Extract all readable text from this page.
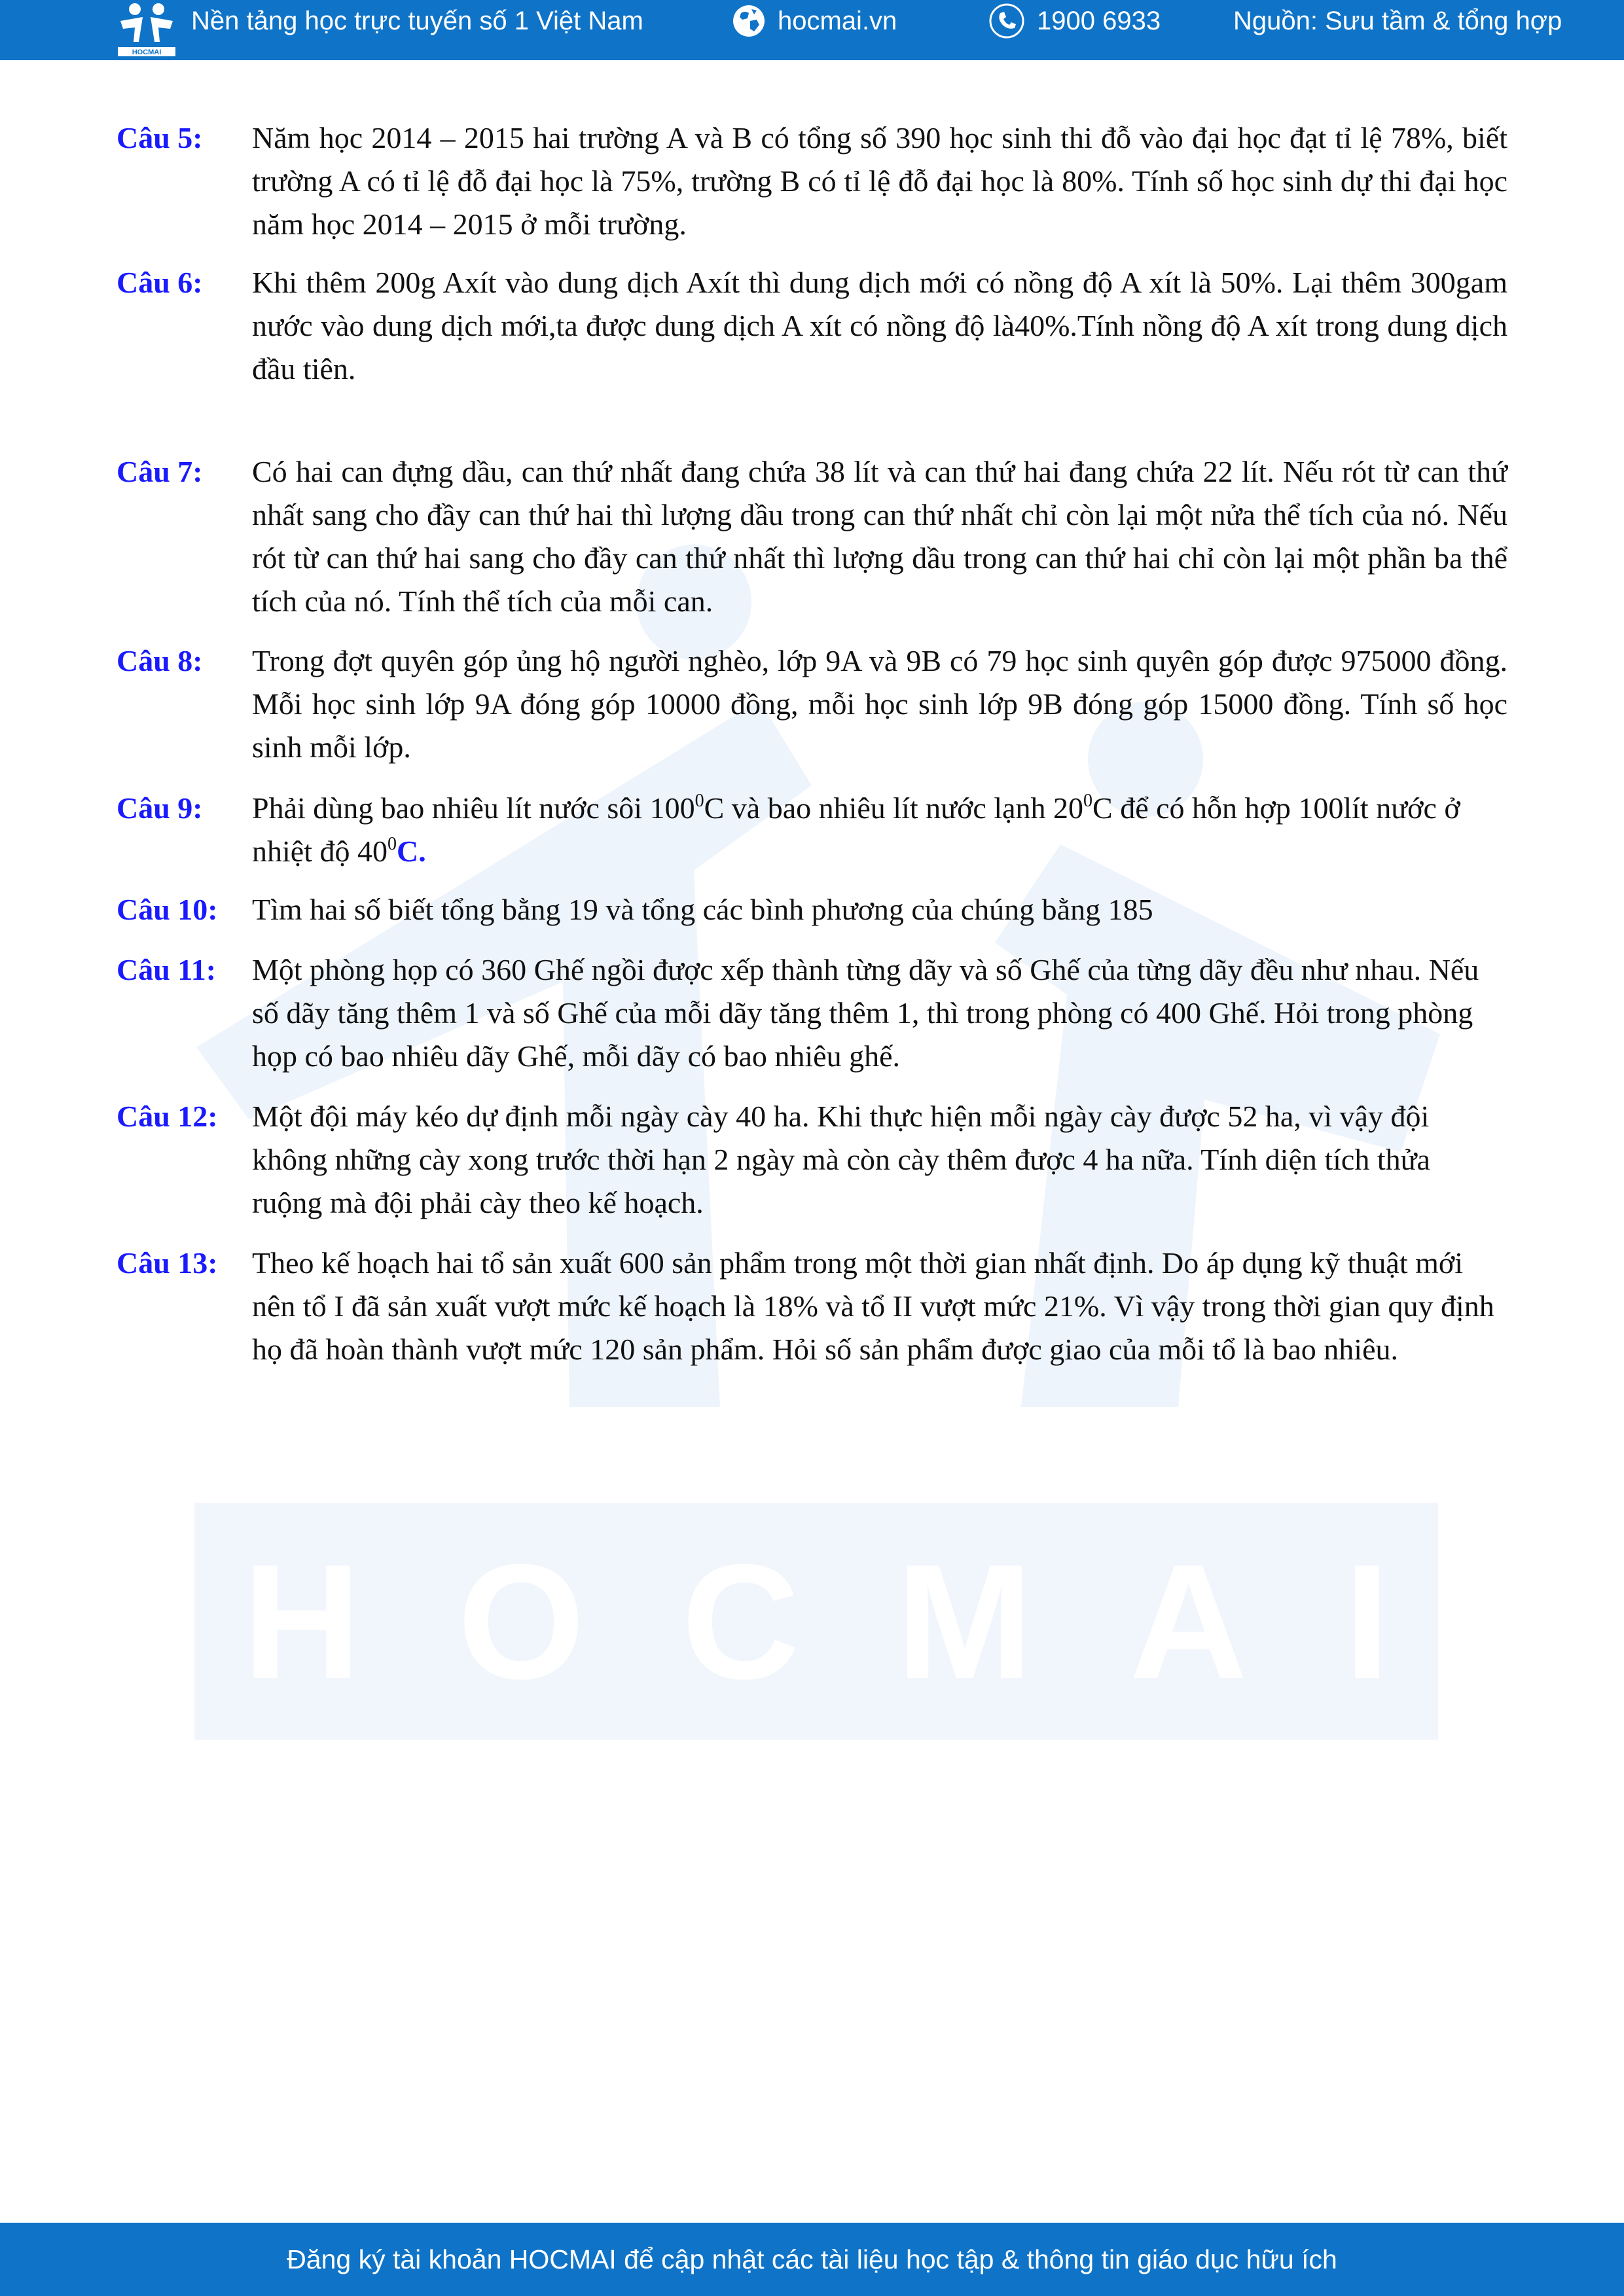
HOCMAI
Nền tảng học trực tuyến số 1 Việt Nam	hocmai.vn	1900 6933	Nguồn: Sưu tầm & tổng hợp
H O C M A I
Câu 5: Năm học 2014 – 2015 hai trường A và B có tổng số 390 học sinh thi đỗ vào đại học đạt tỉ lệ 78%, biết trường A có tỉ lệ đỗ đại học là 75%, trường B có tỉ lệ đỗ đại học là 80%. Tính số học sinh dự thi đại học năm học 2014 – 2015 ở mỗi trường.
Câu 6: Khi thêm 200g Axít vào dung dịch Axít thì dung dịch mới có nồng độ A xít là 50%. Lại thêm 300gam nước vào dung dịch mới,ta được dung dịch A xít có nồng độ là40%.Tính nồng độ A xít trong dung dịch đầu tiên.
Câu 7: Có hai can đựng dầu, can thứ nhất đang chứa 38 lít và can thứ hai đang chứa 22 lít. Nếu rót từ can thứ nhất sang cho đầy can thứ hai thì lượng dầu trong can thứ nhất chỉ còn lại một nửa thể tích của nó. Nếu rót từ can thứ hai sang cho đầy can thứ nhất thì lượng dầu trong can thứ hai chỉ còn lại một phần ba thể tích của nó. Tính thể tích của mỗi can.
Câu 8: Trong đợt quyên góp ủng hộ người nghèo, lớp 9A và 9B có 79 học sinh quyên góp được 975000 đồng. Mỗi học sinh lớp 9A đóng góp 10000 đồng, mỗi học sinh lớp 9B đóng góp 15000 đồng. Tính số học sinh mỗi lớp.
Câu 9: Phải dùng bao nhiêu lít nước sôi $100^0C$ và bao nhiêu lít nước lạnh $20^0C$ để có hỗn hợp 100lít nước ở nhiệt độ $40^0C$.
Câu 10: Tìm hai số biết tổng bằng 19 và tổng các bình phương của chúng bằng 185
Câu 11: Một phòng họp có 360 Ghế ngồi được xếp thành từng dãy và số Ghế của từng dãy đều như nhau. Nếu số dãy tăng thêm 1 và số Ghế của mỗi dãy tăng thêm 1, thì trong phòng có 400 Ghế. Hỏi trong phòng họp có bao nhiêu dãy Ghế, mỗi dãy có bao nhiêu ghế.
Câu 12: Một đội máy kéo dự định mỗi ngày cày 40 ha. Khi thực hiện mỗi ngày cày được 52 ha, vì vậy đội không những cày xong trước thời hạn 2 ngày mà còn cày thêm được 4 ha nữa. Tính diện tích thửa ruộng mà đội phải cày theo kế hoạch.
Câu 13: Theo kế hoạch hai tổ sản xuất 600 sản phẩm trong một thời gian nhất định. Do áp dụng kỹ thuật mới nên tổ I đã sản xuất vượt mức kế hoạch là 18% và tổ II vượt mức 21%. Vì vậy trong thời gian quy định họ đã hoàn thành vượt mức 120 sản phẩm. Hỏi số sản phẩm được giao của mỗi tổ là bao nhiêu.
Đăng ký tài khoản HOCMAI để cập nhật các tài liệu học tập & thông tin giáo dục hữu ích
